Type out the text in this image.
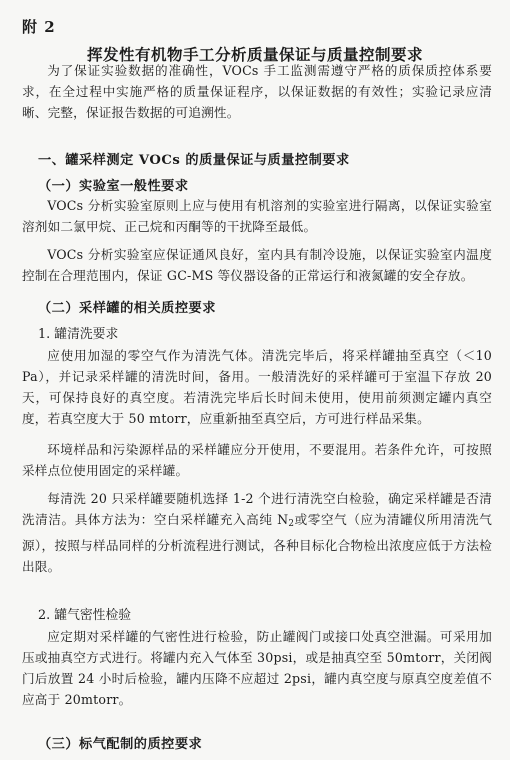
附 2
挥发性有机物手工分析质量保证与质量控制要求

为了保证实验数据的准确性，VOCs 手工监测需遵守严格的质保质控体系要求，在全过程中实施严格的质量保证程序，以保证数据的有效性；实验记录应清晰、完整，保证报告数据的可追溯性。

一、罐采样测定 VOCs 的质量保证与质量控制要求
（一）实验室一般性要求

VOCs 分析实验室原则上应与使用有机溶剂的实验室进行隔离，以保证实验室溶剂如二氯甲烷、正己烷和丙酮等的干扰降至最低。

VOCs 分析实验室应保证通风良好，室内具有制冷设施，以保证实验室内温度控制在合理范围内，保证 GC-MS 等仪器设备的正常运行和液氮罐的安全存放。

（二）采样罐的相关质控要求
1. 罐清洗要求

应使用加湿的零空气作为清洗气体。清洗完毕后，将采样罐抽至真空（＜10 Pa），并记录采样罐的清洗时间，备用。一般清洗好的采样罐可于室温下存放 20 天，可保持良好的真空度。若清洗完毕后长时间未使用，使用前须测定罐内真空度，若真空度大于 50 mtorr，应重新抽至真空后，方可进行样品采集。

环境样品和污染源样品的采样罐应分开使用，不要混用。若条件允许，可按照采样点位使用固定的采样罐。

每清洗 20 只采样罐要随机选择 1-2 个进行清洗空白检验，确定采样罐是否清洗清洁。具体方法为：空白采样罐充入高纯 $N_2$或零空气（应为清罐仪所用清洗气源），按照与样品同样的分析流程进行测试，各种目标化合物检出浓度应低于方法检出限。

2. 罐气密性检验

应定期对采样罐的气密性进行检验，防止罐阀门或接口处真空泄漏。可采用加压或抽真空方式进行。将罐内充入气体至 30psi，或是抽真空至 50mtorr，关闭阀门后放置 24 小时后检验，罐内压降不应超过 2psi，罐内真空度与原真空度差值不应高于 20mtorr。

（三）标气配制的质控要求
